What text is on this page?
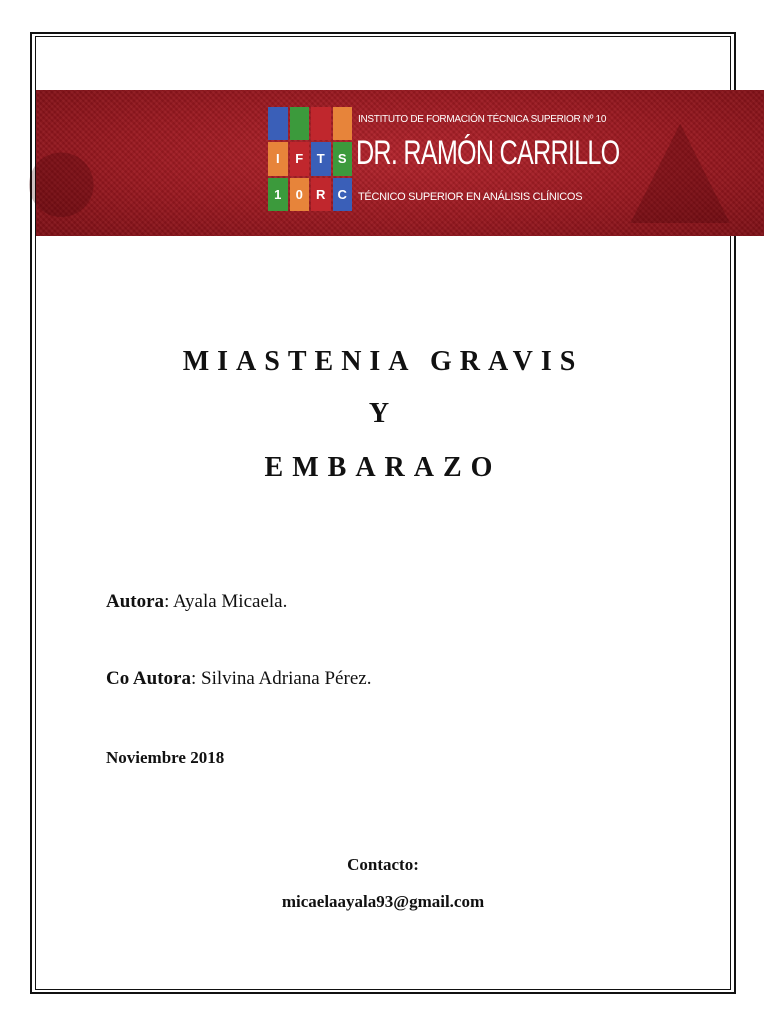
●	▲
I	F	T	S
1	0	R C
INSTITUTO DE FORMACIÓN TÉCNICA SUPERIOR Nº 10
DR. RAMÓN CARRILLO
TÉCNICO SUPERIOR EN ANÁLISIS CLÍNICOS
MIASTENIA GRAVIS
Y
EMBARAZO
Autora: Ayala Micaela.
Co Autora: Silvina Adriana Pérez.
Noviembre 2018
Contacto:
micaelaayala93@gmail.com
